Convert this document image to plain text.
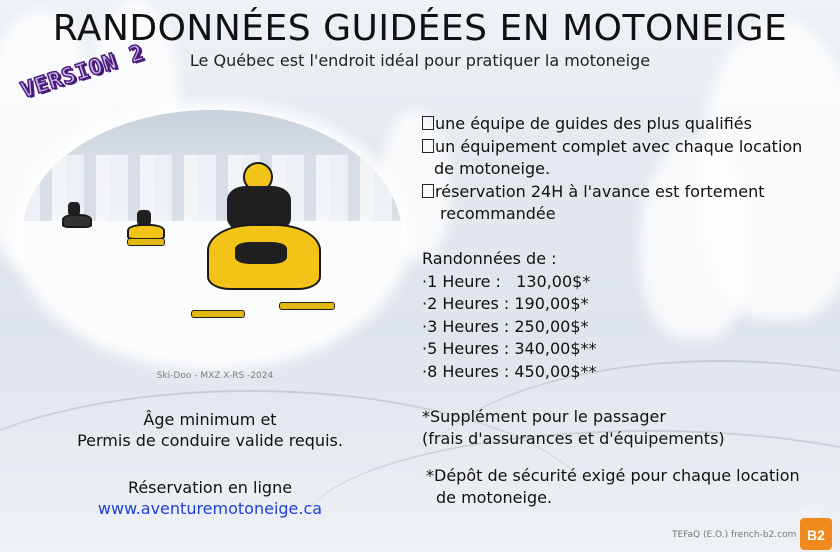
RANDONNÉES GUIDÉES EN MOTONEIGE
Le Québec est l'endroit idéal pour pratiquer la motoneige
VERSION 2
Ski-Doo - MXZ X-RS -2024
Âge minimum et
Permis de conduire valide requis.
Réservation en ligne
www.aventuremotoneige.ca
une équipe de guides des plus qualifiés
un équipement complet avec chaque location
de motoneige.
réservation 24H à l'avance est fortement
recommandée
Randonnées de :
·1 Heure :   130,00$*
·2 Heures : 190,00$*
·3 Heures : 250,00$*
·5 Heures : 340,00$**
·8 Heures : 450,00$**
*Supplément pour le passager
(frais d'assurances et d'équipements)
*Dépôt de sécurité exigé pour chaque location
de motoneige.
TEFaQ (E.O.) french-b2.com
french
B2
